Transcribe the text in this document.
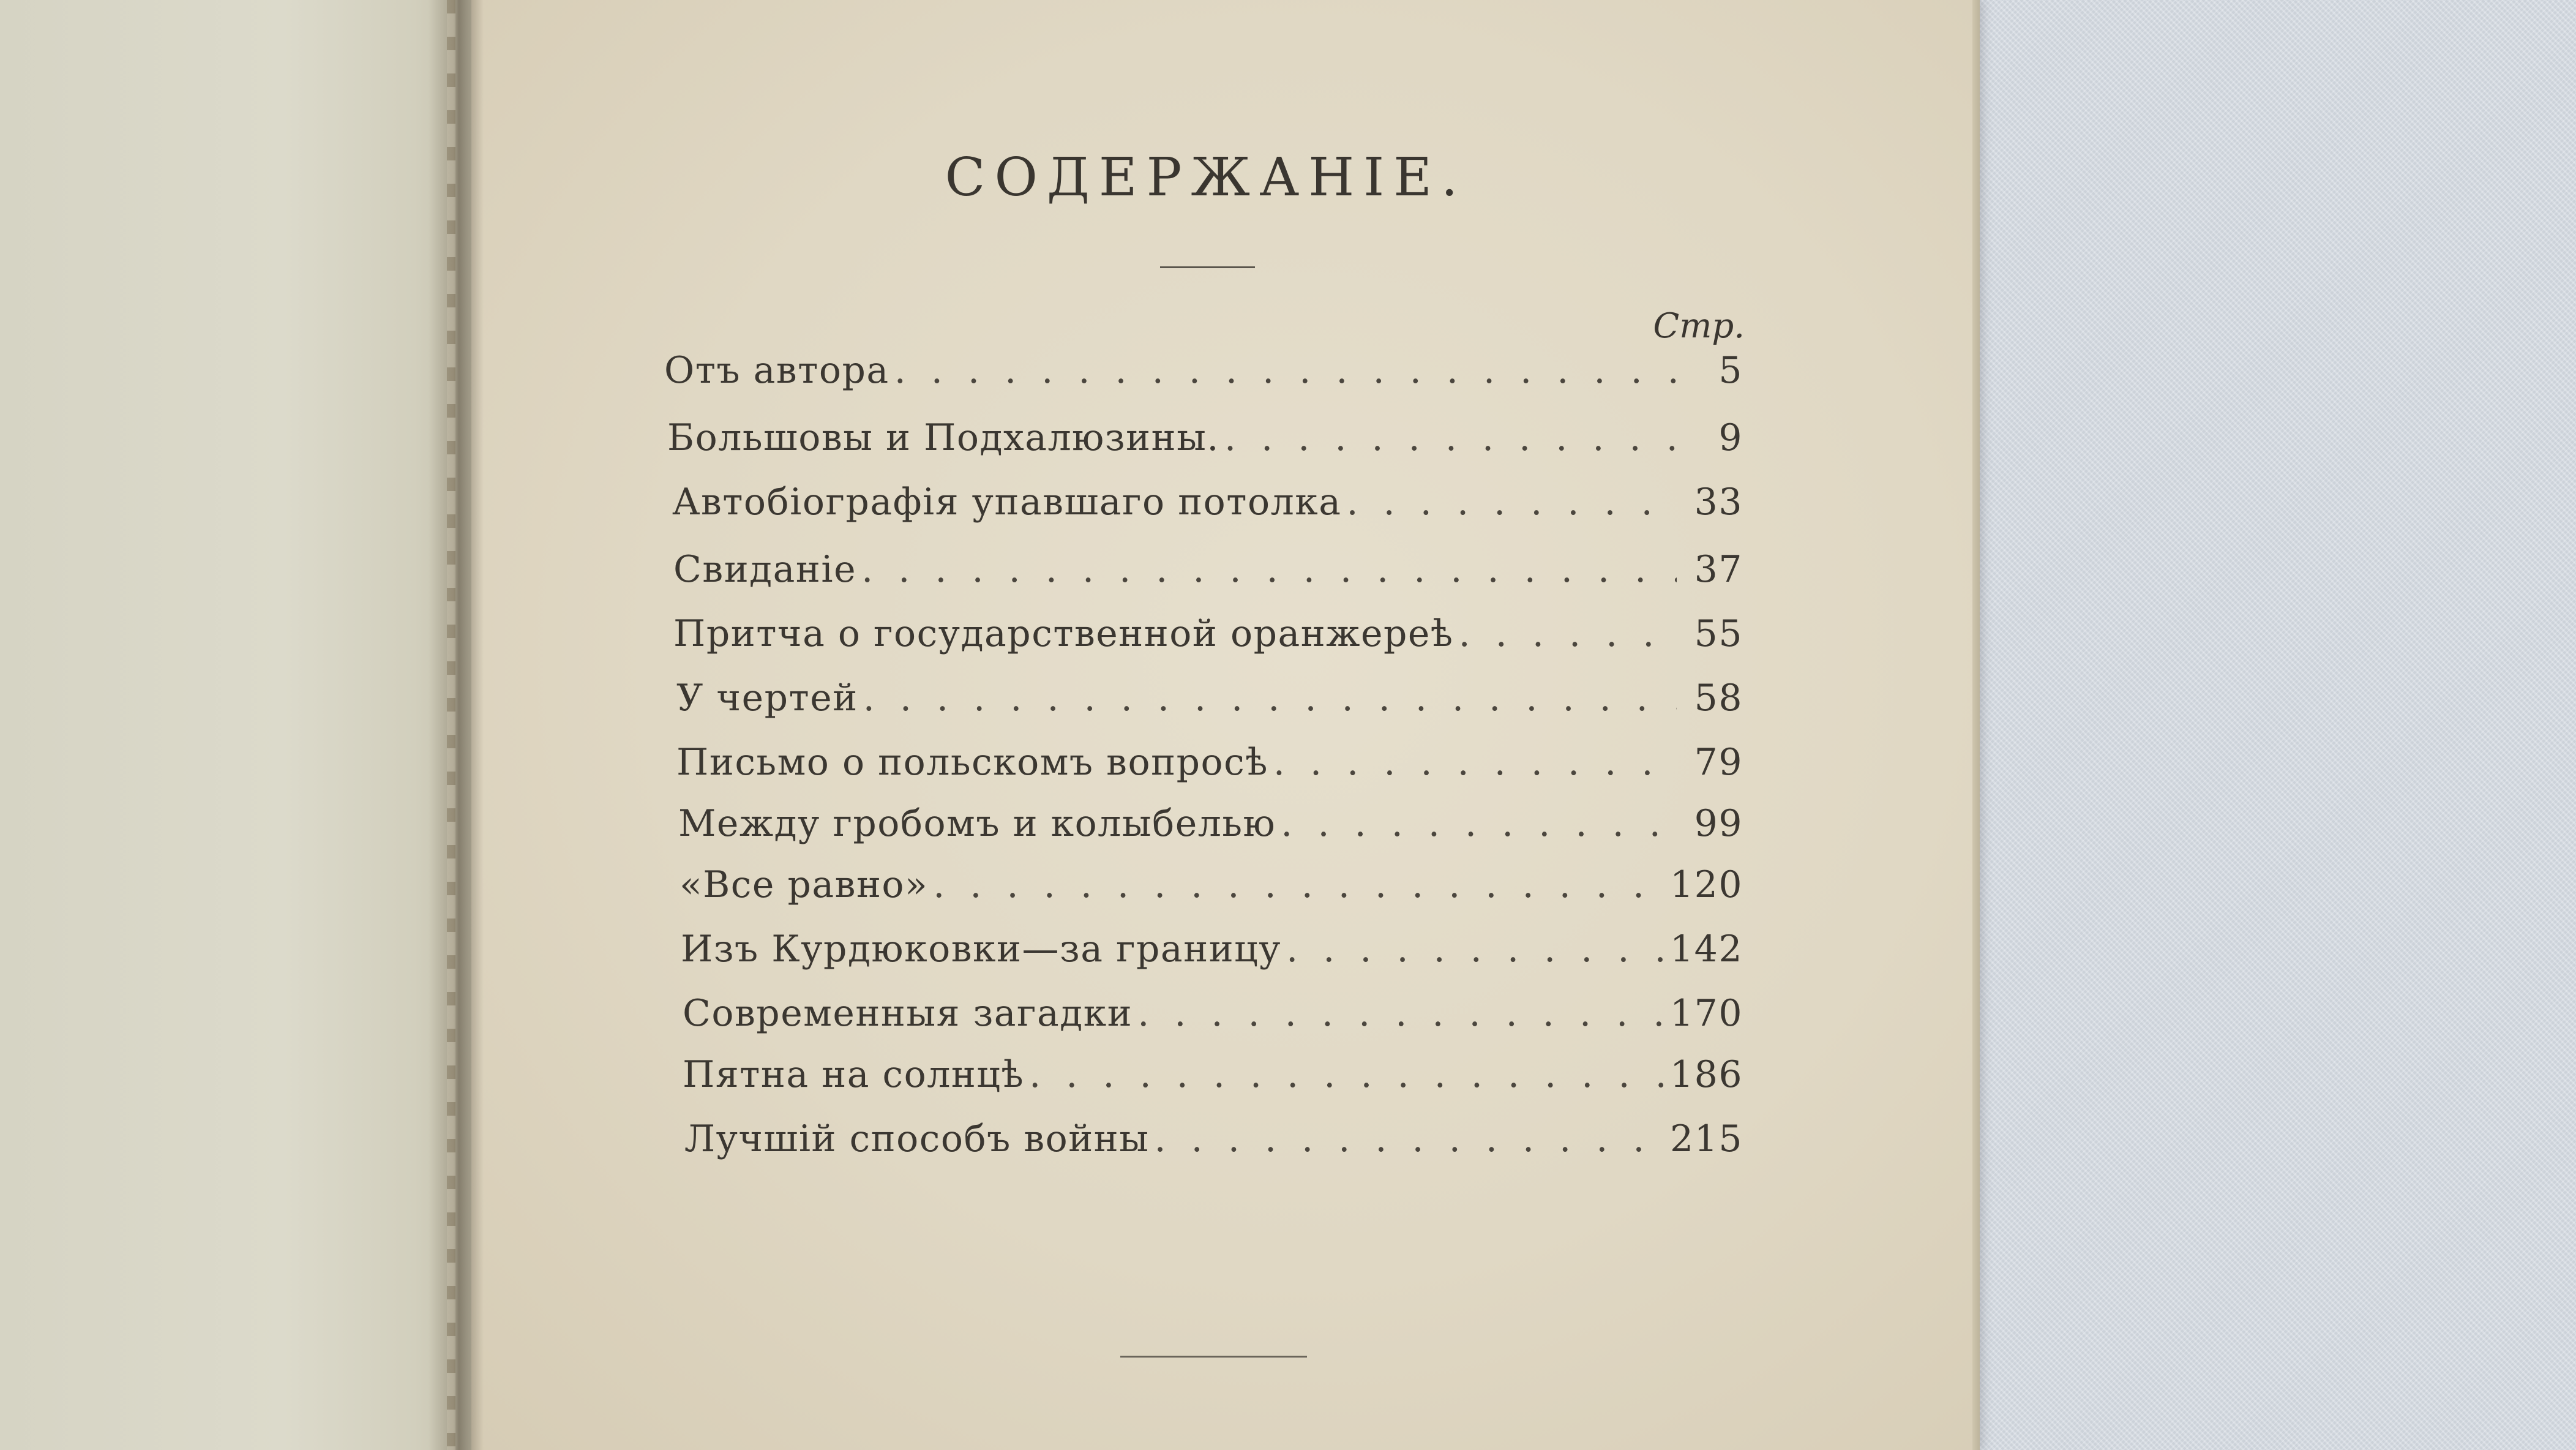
СОДЕРЖАНІЕ.
Стр.
Отъ автора . . .	5
Большовы и Подхалюзины. . . .	9
Автобіографія упавшаго потолка . . .	33
Свиданіе . . .	37
Притча о государственной оранжереѣ . . .	55
У чертей . . .	58
Письмо о польскомъ вопросѣ . . .	79
Между гробомъ и колыбелью . . .	99
«Все равно» . . .	120
Изъ Курдюковки—за границу . . .	142
Современныя загадки . . .	170
Пятна на солнцѣ . . .	186
Лучшій способъ войны . . .	215
